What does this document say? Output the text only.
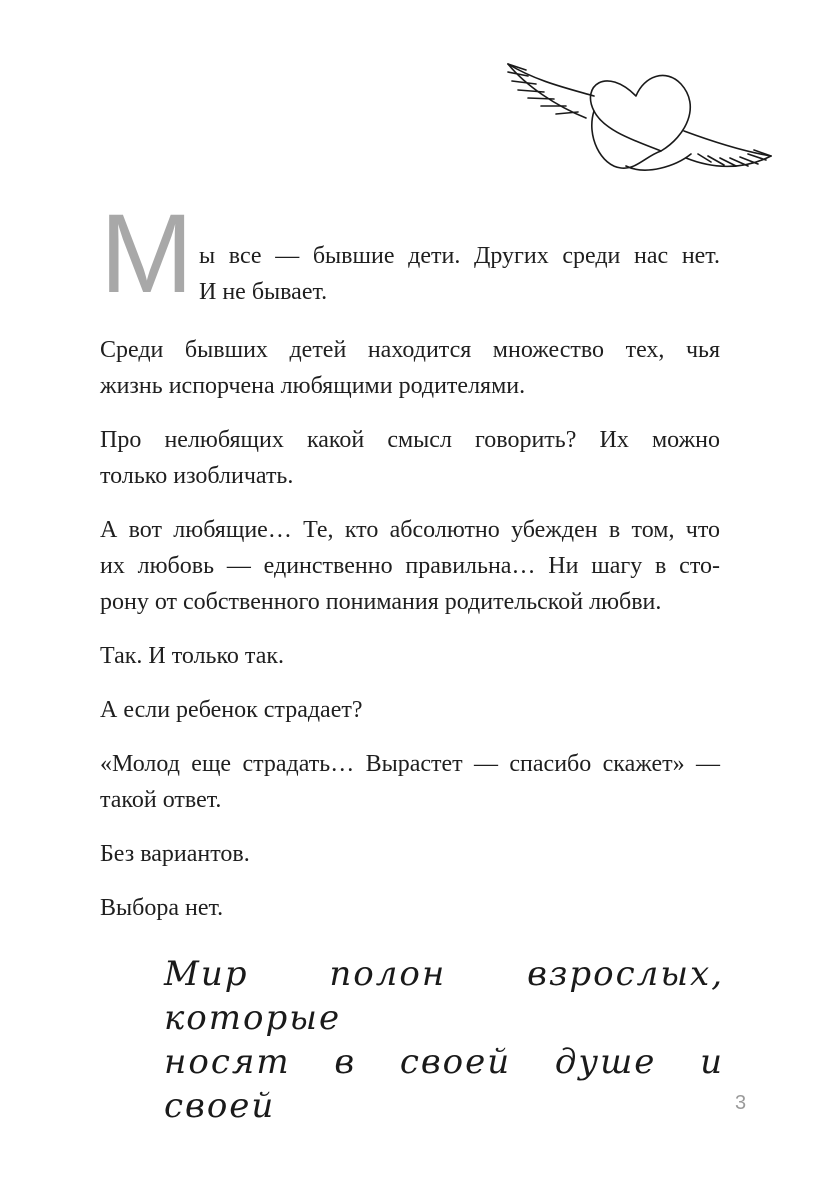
М ы все — бывшие дети. Других среди нас нет.
И не бывает.

Среди бывших детей находится множество тех, чья
жизнь испорчена любящими родителями.

Про нелюбящих какой смысл говорить? Их можно
только изобличать.

А вот любящие… Те, кто абсолютно убежден в том, что
их любовь — единственно правильна… Ни шагу в сто-
рону от собственного понимания родительской любви.

Так. И только так.

А если ребенок страдает?

«Молод еще страдать… Вырастет — спасибо скажет» —
такой ответ.

Без вариантов.

Выбора нет.

Мир полон взрослых, которые
носят в своей душе и своей	3
